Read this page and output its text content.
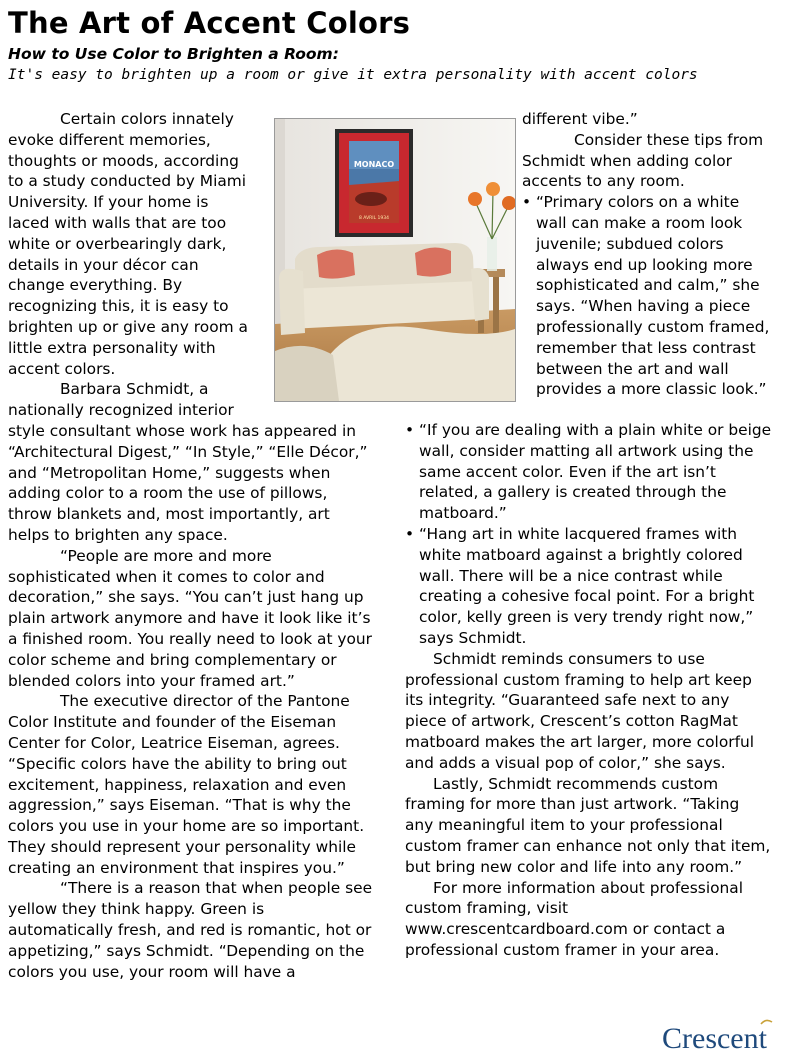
The Art of Accent Colors
How to Use Color to Brighten a Room:
It's easy to brighten up a room or give it extra personality with accent colors

Certain colors innately evoke different memories, thoughts or moods, according to a study conducted by Miami University. If your home is laced with walls that are too white or overbearingly dark, details in your décor can change everything. By recognizing this, it is easy to brighten up or give any room a little extra personality with accent colors.

Barbara Schmidt, a nationally recognized interior

style consultant whose work has appeared in “Architectural Digest,” “In Style,” “Elle Décor,” and “Metropolitan Home,” suggests when adding color to a room the use of pillows, throw blankets and, most importantly, art helps to brighten any space.

“People are more and more sophisticated when it comes to color and decoration,” she says. “You can’t just hang up plain artwork anymore and have it look like it’s a finished room. You really need to look at your color scheme and bring complementary or blended colors into your framed art.”

The executive director of the Pantone Color Institute and founder of the Eiseman Center for Color, Leatrice Eiseman, agrees. “Specific colors have the ability to bring out excitement, happiness, relaxation and even aggression,” says Eiseman. “That is why the colors you use in your home are so important. They should represent your personality while creating an environment that inspires you.”

“There is a reason that when people see yellow they think happy. Green is automatically fresh, and red is romantic, hot or appetizing,” says Schmidt. “Depending on the colors you use, your room will have a

MONACO
8 AVRIL 1934

different vibe.”

Consider these tips from Schmidt when adding color accents to any room.

• “Primary colors on a white wall can make a room look juvenile; subdued colors always end up looking more sophisticated and calm,” she says. “When having a piece professionally custom framed, remember that less contrast between the art and wall provides a more classic look.”

• “If you are dealing with a plain white or beige wall, consider matting all artwork using the same accent color. Even if the art isn’t related, a gallery is created through the matboard.”

• “Hang art in white lacquered frames with white matboard against a brightly colored wall. There will be a nice contrast while creating a cohesive focal point. For a bright color, kelly green is very trendy right now,” says Schmidt.

Schmidt reminds consumers to use professional custom framing to help art keep its integrity. “Guaranteed safe next to any piece of artwork, Crescent’s cotton RagMat matboard makes the art larger, more colorful and adds a visual pop of color,” she says.

Lastly, Schmidt recommends custom framing for more than just artwork. “Taking any meaningful item to your professional custom framer can enhance not only that item, but bring new color and life into any room.”

For more information about professional custom framing, visit www.crescentcardboard.com or contact a professional custom framer in your area.

Crescent
